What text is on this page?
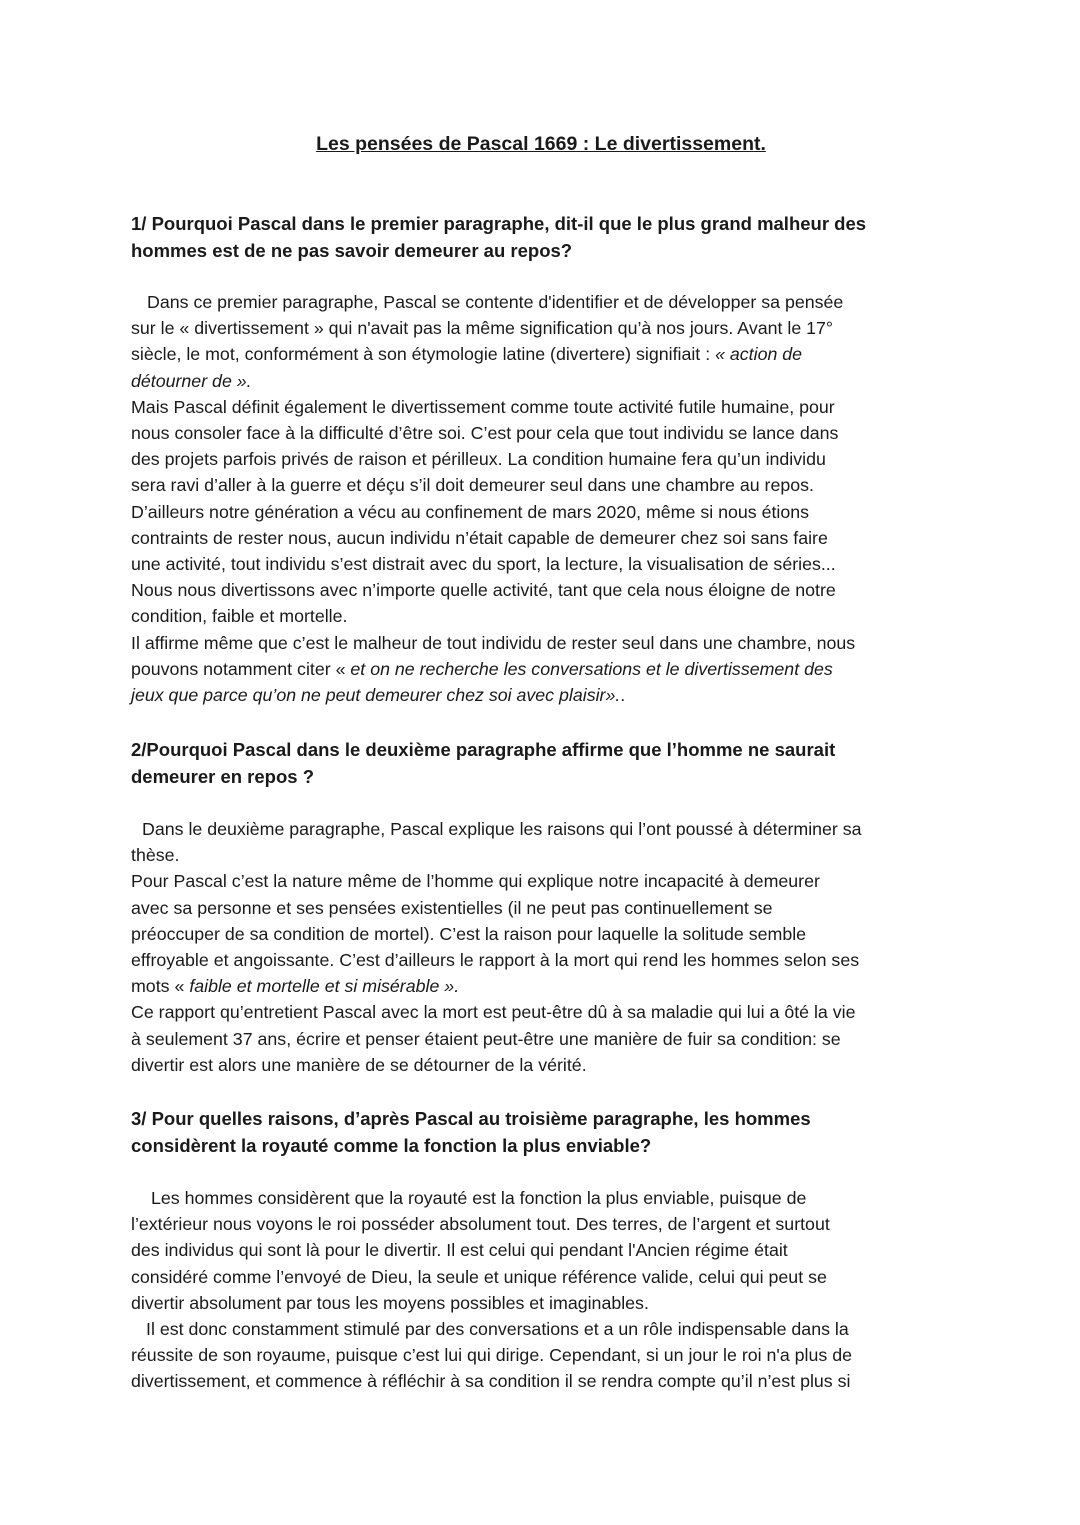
Les pensées de Pascal 1669 : Le divertissement.
1/ Pourquoi Pascal dans le premier paragraphe, dit-il que le plus grand malheur des
hommes est de ne pas savoir demeurer au repos?
Dans ce premier paragraphe, Pascal se contente d'identifier et de développer sa pensée
sur le « divertissement » qui n'avait pas la même signification qu’à nos jours. Avant le 17°
siècle, le mot, conformément à son étymologie latine (divertere) signifiait : « action de
détourner de ».
Mais Pascal définit également le divertissement comme toute activité futile humaine, pour
nous consoler face à la difficulté d’être soi. C’est pour cela que tout individu se lance dans
des projets parfois privés de raison et périlleux. La condition humaine fera qu’un individu
sera ravi d’aller à la guerre et déçu s’il doit demeurer seul dans une chambre au repos.
D’ailleurs notre génération a vécu au confinement de mars 2020, même si nous étions
contraints de rester nous, aucun individu n’était capable de demeurer chez soi sans faire
une activité, tout individu s’est distrait avec du sport, la lecture, la visualisation de séries...
Nous nous divertissons avec n’importe quelle activité, tant que cela nous éloigne de notre
condition, faible et mortelle.
Il affirme même que c’est le malheur de tout individu de rester seul dans une chambre, nous
pouvons notamment citer « et on ne recherche les conversations et le divertissement des
jeux que parce qu’on ne peut demeurer chez soi avec plaisir»..
2/Pourquoi Pascal dans le deuxième paragraphe affirme que l’homme ne saurait
demeurer en repos ?
Dans le deuxième paragraphe, Pascal explique les raisons qui l’ont poussé à déterminer sa
thèse.
Pour Pascal c’est la nature même de l’homme qui explique notre incapacité à demeurer
avec sa personne et ses pensées existentielles (il ne peut pas continuellement se
préoccuper de sa condition de mortel). C’est la raison pour laquelle la solitude semble
effroyable et angoissante. C’est d’ailleurs le rapport à la mort qui rend les hommes selon ses
mots « faible et mortelle et si misérable ».
Ce rapport qu’entretient Pascal avec la mort est peut-être dû à sa maladie qui lui a ôté la vie
à seulement 37 ans, écrire et penser étaient peut-être une manière de fuir sa condition: se
divertir est alors une manière de se détourner de la vérité.
3/ Pour quelles raisons, d’après Pascal au troisième paragraphe, les hommes
considèrent la royauté comme la fonction la plus enviable?
Les hommes considèrent que la royauté est la fonction la plus enviable, puisque de
l’extérieur nous voyons le roi posséder absolument tout. Des terres, de l’argent et surtout
des individus qui sont là pour le divertir. Il est celui qui pendant l'Ancien régime était
considéré comme l’envoyé de Dieu, la seule et unique référence valide, celui qui peut se
divertir absolument par tous les moyens possibles et imaginables.
Il est donc constamment stimulé par des conversations et a un rôle indispensable dans la
réussite de son royaume, puisque c’est lui qui dirige. Cependant, si un jour le roi n'a plus de
divertissement, et commence à réfléchir à sa condition il se rendra compte qu’il n’est plus si
